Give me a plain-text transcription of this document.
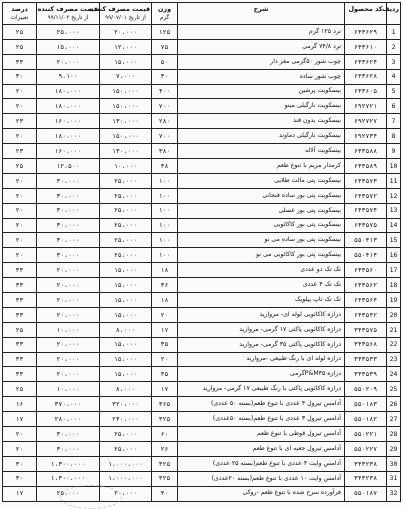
ردیف	کد محصول	شرح	وزن
گرم	قیمت مصرف کننده
از تاریخ ۹۹/۰۷/۰۱	قیمت مصرف کننده
از تاریخ ۹۹/۱۱/۰۳	درصد
تغییرات

1	۶۴۳۶۲۹	ترد ۱۲۵ گرم	۱۲۵	۲۰،۰۰۰	۲۵،۰۰۰	۲۵
2	۶۴۳۶۱۰	ترد ۷۴/۸ گرمی	۷۵	۱۲،۰۰۰	۱۵،۰۰۰	۲۵
3	۶۴۳۶۲۴	چوب شور ۵۰گرمی مغز دار	۵۰	۱۵،۰۰۰	۲۰،۰۰۰	۳۳
4	۶۴۳۶۲۸	چوب شور ساده	۳۰	۷،۰۰۰	۹،۱۰۰	۳۰
5	۶۴۳۶۰۵	بیسکویت پرشین	۴۰۰	۱۵۰،۰۰۰	۱۸۰،۰۰۰	۲۰
6	۶۹۲۷۲۱	بیسکویت نارگیلی مینو	۷۰۰	۱۵۰،۰۰۰	۱۸۰،۰۰۰	۲۰
7	۶۹۲۷۲۷	بیسکویت بدون قند	۲۸۰	۱۳۰،۰۰۰	۱۶۰،۰۰۰	۲۳
8	۶۹۲۷۳۴	بیسکویت نارگیلی دماوند	۷۰۰	۱۵۰،۰۰۰	۱۸۰،۰۰۰	۲۰
9	۶۴۳۵۸۸	بیسکویت آلاله	۳۸۰	۱۳۰،۰۰۰	۱۶۰،۰۰۰	۲۳
10	۶۴۳۵۸۹	کرمدار مریم با تنوع طعم	۳۸	۱۰،۰۰۰	۱۲،۵۰۰	۲۵
11	۶۴۳۵۷۳	بیسکویت پتی مالت طلایی	۱۰۰	۲۵،۰۰۰	۳۰،۰۰۰	۲۰
12	۶۴۳۵۷۲	بیسکویت پتی بور ساده فنجانی	۱۰۰	۲۵،۰۰۰	۳۰،۰۰۰	۲۰
13	۶۴۳۵۷۴	بیسکویت پتی بور عسلی	۱۰۰	۲۵،۰۰۰	۳۰،۰۰۰	۲۰
14	۶۴۳۵۷۵	بیسکویت پتی بور کاکائویی	۱۰۰	۲۵،۰۰۰	۳۰،۰۰۰	۲۰
15	۵۵۰۴۱۳	بیسکویت پتی بور ساده می نو	۱۰۰	۲۵،۰۰۰	۳۰،۰۰۰	۲۰
16	۵۵۰۴۱۴	بیسکویت پتی بور کاکائویی می نو	۱۰۰	۲۵،۰۰۰	۳۰،۰۰۰	۲۰
17	۶۴۳۵۶۰	تک تک دو عددی	۱۸	۱۵،۰۰۰	۲۰،۰۰۰	۳۳
18	۶۴۳۵۶۲	تک تک ۴ عددی	۳۶	۱۵،۰۰۰	۲۰،۰۰۰	۳۳
19	۶۴۳۵۶۴	تک تک تاپ پیلویک	۱۸	۱۵،۰۰۰	۲۰،۰۰۰	۳۳
20	۶۴۳۵۴۲	درازه کاکائویی لوله ای- مروارید	۲۰	۱۵،۰۰۰	۲۰،۰۰۰	۳۳
21	۳۴۳۵۷۵	درازه کاکائویی پاکتی ۱۷ گرمی- مروارید	۱۷	۸،۰۰۰	۱۰،۰۰۰	۲۵
22	۳۴۳۵۶۸	درازه کاکائویی پاکتی ۳۵ گرمی- مروارید	۳۵	۱۵،۰۰۰	۲۰،۰۰۰	۳۳
23	۳۴۳۵۳۳	درازه لوله ای با رنگ طبیعی -مروارید	۲۰	۱۵،۰۰۰	۲۰،۰۰۰	۳۳
24	۳۴۳۵۳۹	درازه P&M۳۵گرمی	۳۵	۱۵،۰۰۰	۲۰،۰۰۰	۳۳
25	۵۵۰۲۰۹	درازه کاکائویی پاکتی با رنگ طبیعی ۱۷ گرمی- مروارید	۱۷	۸،۰۰۰	۱۰،۰۰۰	۲۵
26	۵۵۰۱۸۳	آدامس تیرول ۴ عددی با تنوع طعم(بسته ۵۰ عددی)	۳۶۵	۳۲۰،۰۰۰	۳۷۰،۰۰۰	۱۶
27	۵۵۰۱۸۲	آدامس تیرول ۳ عددی با تنوع طعم(بسته ۵۰عددی)	۳۲۵	۲۴۰،۰۰۰	۲۸۰،۰۰۰	۱۷
28	۵۵۰۲۲۱	آدامس تیرول قوطی با تنوع طعم	۶۰	۲۵،۰۰۰	۳۰،۰۰۰	۲۰
29	۵۵۰۲۲۷	آدامس تیرول جعبه ای با تنوع طعم	۲۶	۲۵،۰۰۰	۳۰،۰۰۰	۲۰
30	۳۴۳۲۳۸	آدامس وایت ۴ عددی با تنوع طعم(بسته ۲۵ عددی)	۳۲۵	۱،۰۰۰،۰۰۰	۱،۳۰۰،۰۰۰	۳۰
31	۳۴۳۲۳۸	آدامس وایت ۱۰ عددی با تنوع طعم(بسته ۲۰عددی)	۳۲۵	۱،۰۰۰،۰۰۰	۱،۳۰۰،۰۰۰	۳۰
32	۵۵۰۱۸۷	فرآورده سرخ شده با تنوع طعم -روکی	۴۰	۲۰،۰۰۰	۲۵،۰۰۰	۱۷
